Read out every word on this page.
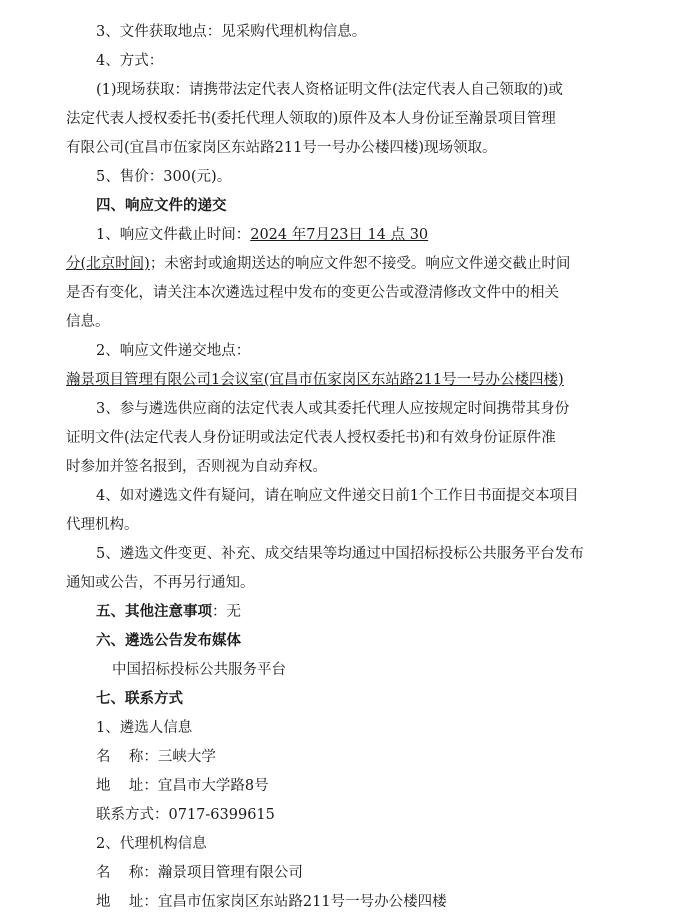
3、文件获取地点：见采购代理机构信息。
4、方式：
(1)现场获取：请携带法定代表人资格证明文件(法定代表人自己领取的)或
法定代表人授权委托书(委托代理人领取的)原件及本人身份证至瀚景项目管理
有限公司(宜昌市伍家岗区东站路211号一号办公楼四楼)现场领取。
5、售价：300(元)。
四、响应文件的递交
1、响应文件截止时间：2024 年7月23日 14 点 30
分(北京时间)；未密封或逾期送达的响应文件恕不接受。响应文件递交截止时间
是否有变化，请关注本次遴选过程中发布的变更公告或澄清修改文件中的相关
信息。
2、响应文件递交地点：
瀚景项目管理有限公司1会议室(宜昌市伍家岗区东站路211号一号办公楼四楼)
3、参与遴选供应商的法定代表人或其委托代理人应按规定时间携带其身份
证明文件(法定代表人身份证明或法定代表人授权委托书)和有效身份证原件准
时参加并签名报到，否则视为自动弃权。
4、如对遴选文件有疑问，请在响应文件递交日前1个工作日书面提交本项目
代理机构。
5、遴选文件变更、补充、成交结果等均通过中国招标投标公共服务平台发布
通知或公告，不再另行通知。
五、其他注意事项：无
六、遴选公告发布媒体
中国招标投标公共服务平台
七、联系方式
1、遴选人信息
名    称：三峡大学
地    址：宜昌市大学路8号
联系方式：0717-6399615
2、代理机构信息
名    称：瀚景项目管理有限公司
地    址：宜昌市伍家岗区东站路211号一号办公楼四楼
